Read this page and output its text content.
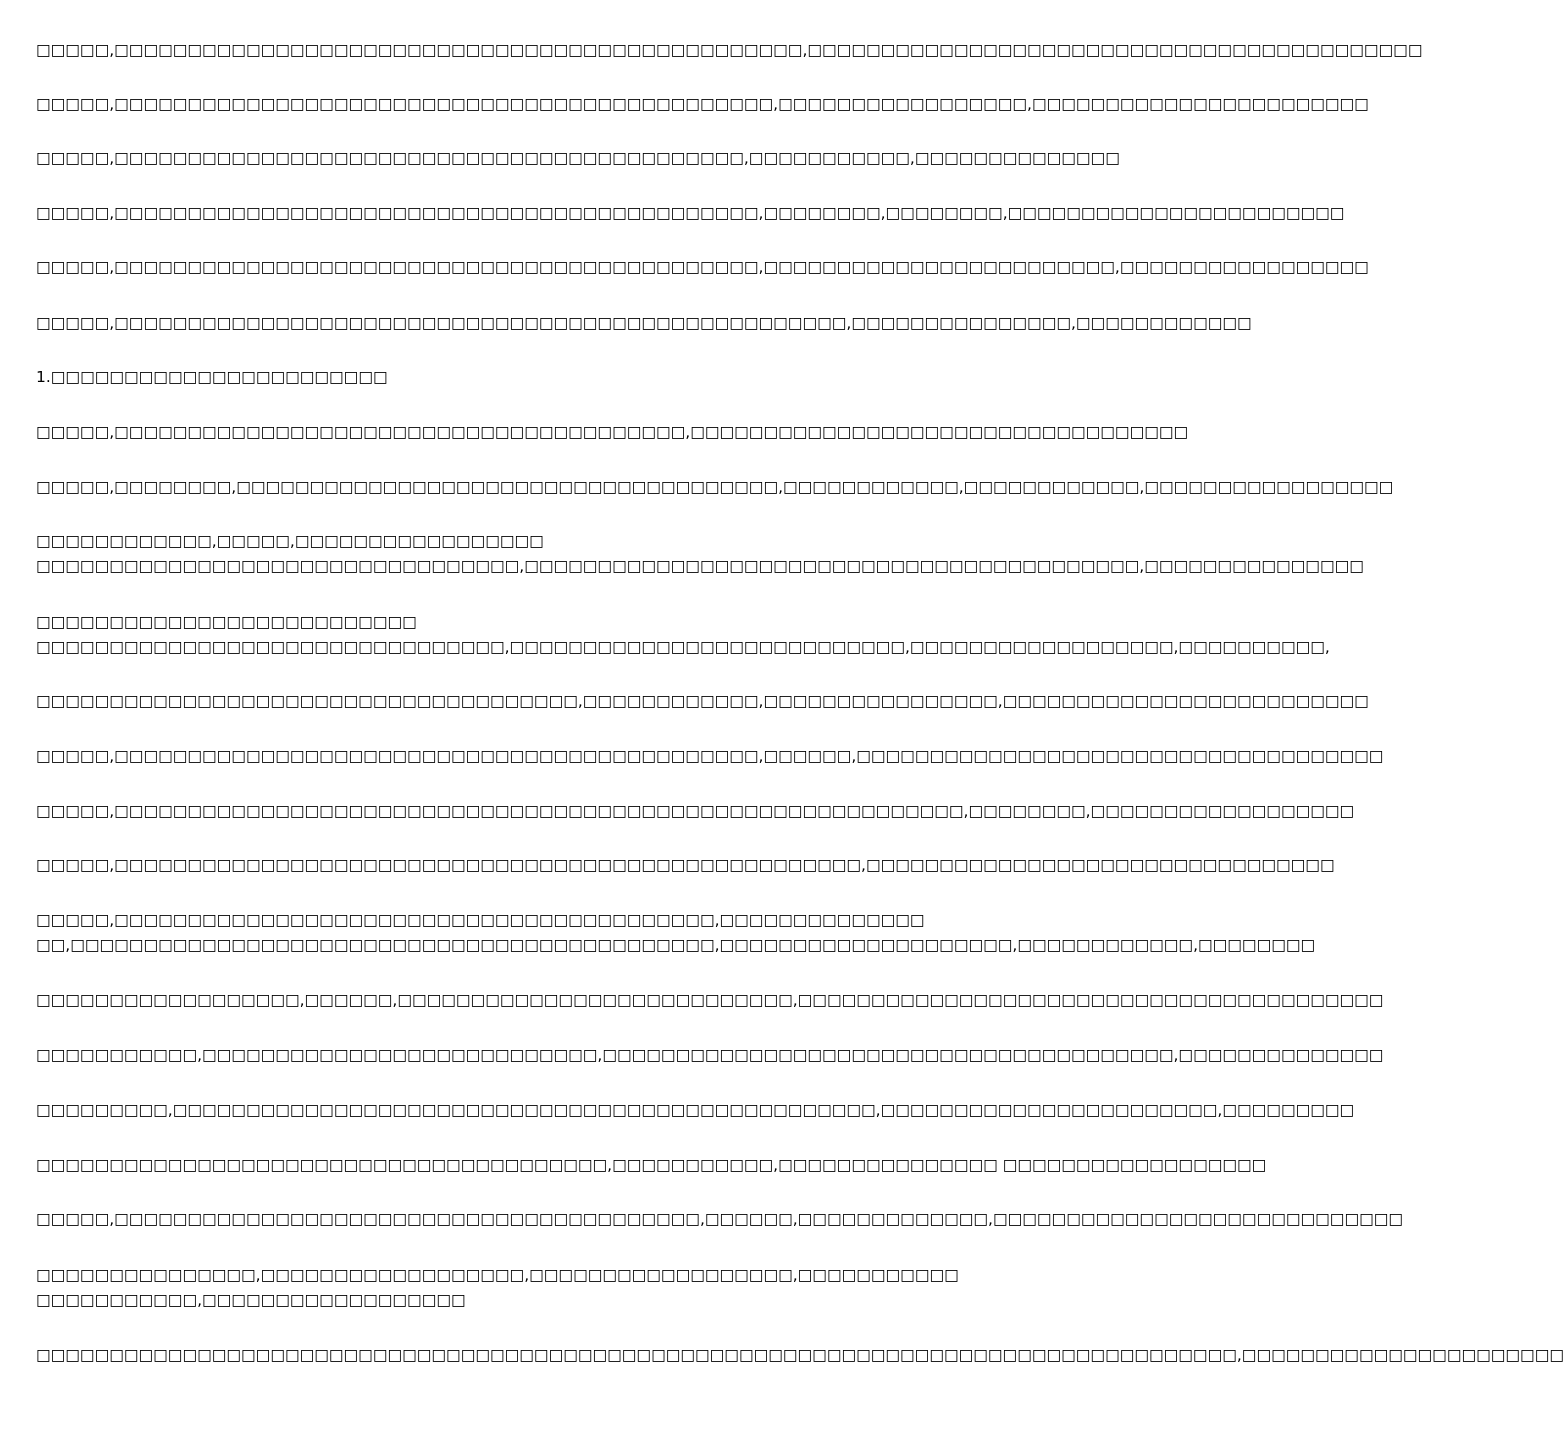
□□□□□,□□□□□□□□□□□□□□□□□□□□□□□□□□□□□□□□□□□□□□□□□□□□□□□,□□□□□□□□□□□□□□□□□□□□□□□□□□□□□□□□□□□□□□□□□□
□□□□□,□□□□□□□□□□□□□□□□□□□□□□□□□□□□□□□□□□□□□□□□□□□□□,□□□□□□□□□□□□□□□□□,□□□□□□□□□□□□□□□□□□□□□□□
□□□□□,□□□□□□□□□□□□□□□□□□□□□□□□□□□□□□□□□□□□□□□□□□□,□□□□□□□□□□□,□□□□□□□□□□□□□□
□□□□□,□□□□□□□□□□□□□□□□□□□□□□□□□□□□□□□□□□□□□□□□□□□□,□□□□□□□□,□□□□□□□□,□□□□□□□□□□□□□□□□□□□□□□□
□□□□□,□□□□□□□□□□□□□□□□□□□□□□□□□□□□□□□□□□□□□□□□□□□□,□□□□□□□□□□□□□□□□□□□□□□□□,□□□□□□□□□□□□□□□□□
□□□□□,□□□□□□□□□□□□□□□□□□□□□□□□□□□□□□□□□□□□□□□□□□□□□□□□□□,□□□□□□□□□□□□□□□,□□□□□□□□□□□□
1.□□□□□□□□□□□□□□□□□□□□□□□
□□□□□,□□□□□□□□□□□□□□□□□□□□□□□□□□□□□□□□□□□□□□□,□□□□□□□□□□□□□□□□□□□□□□□□□□□□□□□□□□
□□□□□,□□□□□□□□,□□□□□□□□□□□□□□□□□□□□□□□□□□□□□□□□□□□□□,□□□□□□□□□□□□,□□□□□□□□□□□□,□□□□□□□□□□□□□□□□□
□□□□□□□□□□□□,□□□□□,□□□□□□□□□□□□□□□□□
□□□□□□□□□□□□□□□□□□□□□□□□□□□□□□□□□,□□□□□□□□□□□□□□□□□□□□□□□□□□□□□□□□□□□□□□□□□□,□□□□□□□□□□□□□□□
□□□□□□□□□□□□□□□□□□□□□□□□□□
□□□□□□□□□□□□□□□□□□□□□□□□□□□□□□□□,□□□□□□□□□□□□□□□□□□□□□□□□□□□,□□□□□□□□□□□□□□□□□□,□□□□□□□□□□,
□□□□□□□□□□□□□□□□□□□□□□□□□□□□□□□□□□□□□,□□□□□□□□□□□□,□□□□□□□□□□□□□□□□,□□□□□□□□□□□□□□□□□□□□□□□□□
□□□□□,□□□□□□□□□□□□□□□□□□□□□□□□□□□□□□□□□□□□□□□□□□□□,□□□□□□,□□□□□□□□□□□□□□□□□□□□□□□□□□□□□□□□□□□□
□□□□□,□□□□□□□□□□□□□□□□□□□□□□□□□□□□□□□□□□□□□□□□□□□□□□□□□□□□□□□□□□,□□□□□□□□,□□□□□□□□□□□□□□□□□□
□□□□□,□□□□□□□□□□□□□□□□□□□□□□□□□□□□□□□□□□□□□□□□□□□□□□□□□□□,□□□□□□□□□□□□□□□□□□□□□□□□□□□□□□□□
□□□□□,□□□□□□□□□□□□□□□□□□□□□□□□□□□□□□□□□□□□□□□□□,□□□□□□□□□□□□□□
□□,□□□□□□□□□□□□□□□□□□□□□□□□□□□□□□□□□□□□□□□□□□□□,□□□□□□□□□□□□□□□□□□□□,□□□□□□□□□□□□,□□□□□□□□
□□□□□□□□□□□□□□□□□□,□□□□□□,□□□□□□□□□□□□□□□□□□□□□□□□□□□,□□□□□□□□□□□□□□□□□□□□□□□□□□□□□□□□□□□□□□□□
□□□□□□□□□□□,□□□□□□□□□□□□□□□□□□□□□□□□□□□,□□□□□□□□□□□□□□□□□□□□□□□□□□□□□□□□□□□□□□□,□□□□□□□□□□□□□□
□□□□□□□□□,□□□□□□□□□□□□□□□□□□□□□□□□□□□□□□□□□□□□□□□□□□□□□□□□,□□□□□□□□□□□□□□□□□□□□□□□,□□□□□□□□□
□□□□□□□□□□□□□□□□□□□□□□□□□□□□□□□□□□□□□□□,□□□□□□□□□□□,□□□□□□□□□□□□□□□ □□□□□□□□□□□□□□□□□□
□□□□□,□□□□□□□□□□□□□□□□□□□□□□□□□□□□□□□□□□□□□□□□,□□□□□□,□□□□□□□□□□□□□,□□□□□□□□□□□□□□□□□□□□□□□□□□□□
□□□□□□□□□□□□□□□,□□□□□□□□□□□□□□□□□□,□□□□□□□□□□□□□□□□□□,□□□□□□□□□□□
□□□□□□□□□□□,□□□□□□□□□□□□□□□□□□
□□□□□□□□□□□□□□□□□□□□□□□□□□□□□□□□□□□□□□□□□□□□□□□□□□□□□□□□□□□□□□□□□□□□□□□□□□□□□□□□□□,□□□□□□□□□□□□□□□□□□□□□□
